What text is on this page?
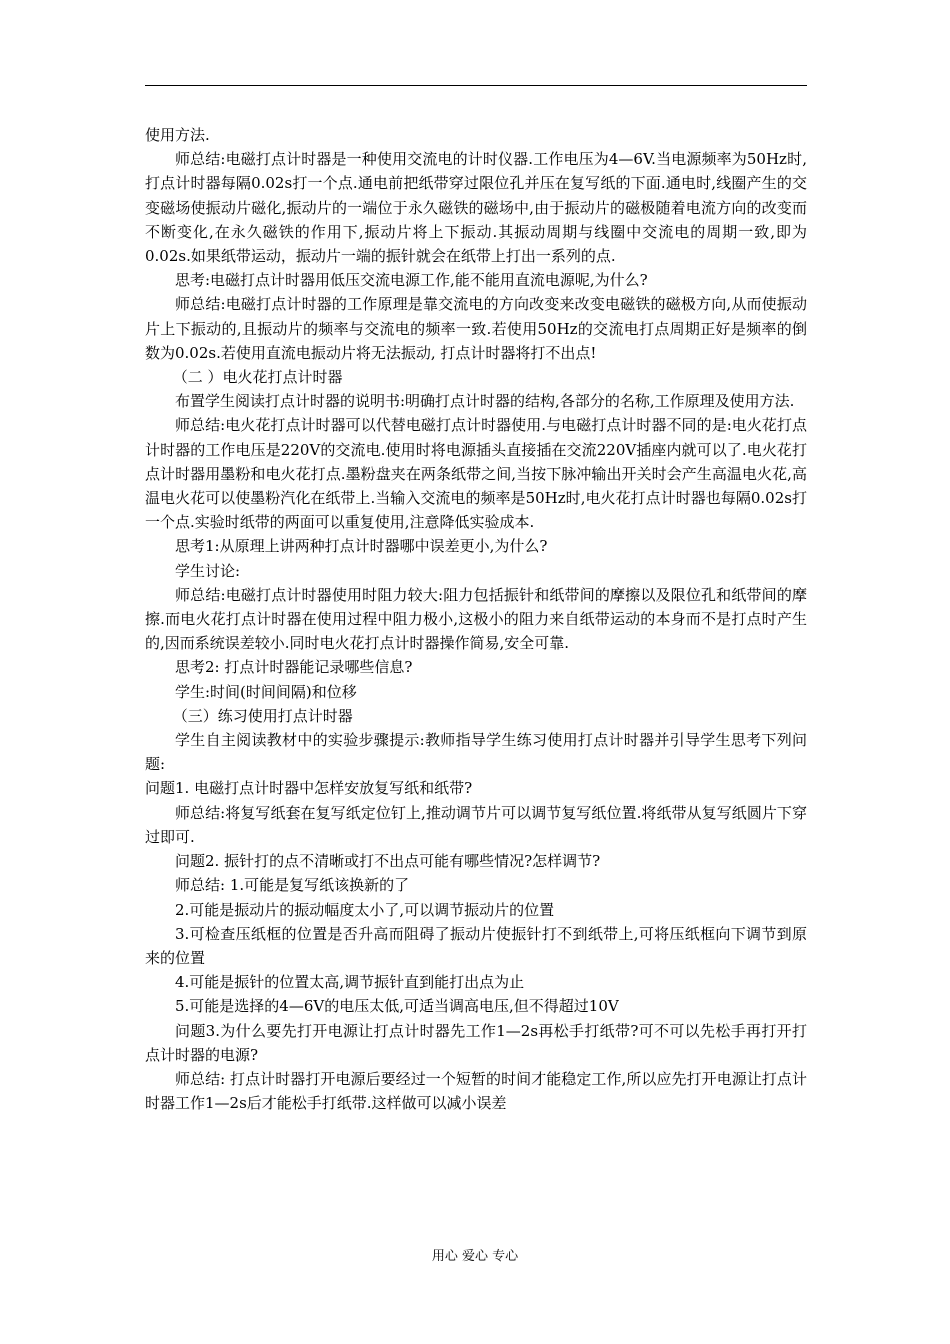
使用方法.

师总结:电磁打点计时器是一种使用交流电的计时仪器.工作电压为4—6V.当电源频率为50Hz时, 打点计时器每隔0.02s打一个点.通电前把纸带穿过限位孔并压在复写纸的下面.通电时,线圈产生的交变磁场使振动片磁化,振动片的一端位于永久磁铁的磁场中,由于振动片的磁极随着电流方向的改变而不断变化,在永久磁铁的作用下,振动片将上下振动.其振动周期与线圈中交流电的周期一致,即为0.02s.如果纸带运动，振动片一端的振针就会在纸带上打出一系列的点.

思考:电磁打点计时器用低压交流电源工作,能不能用直流电源呢,为什么?

师总结:电磁打点计时器的工作原理是靠交流电的方向改变来改变电磁铁的磁极方向,从而使振动片上下振动的,且振动片的频率与交流电的频率一致.若使用50Hz的交流电打点周期正好是频率的倒数为0.02s.若使用直流电振动片将无法振动, 打点计时器将打不出点!

（二 ）电火花打点计时器

布置学生阅读打点计时器的说明书:明确打点计时器的结构,各部分的名称,工作原理及使用方法.

师总结:电火花打点计时器可以代替电磁打点计时器使用.与电磁打点计时器不同的是:电火花打点计时器的工作电压是220V的交流电.使用时将电源插头直接插在交流220V插座内就可以了.电火花打点计时器用墨粉和电火花打点.墨粉盘夹在两条纸带之间,当按下脉冲输出开关时会产生高温电火花,高温电火花可以使墨粉汽化在纸带上.当输入交流电的频率是50Hz时,电火花打点计时器也每隔0.02s打一个点.实验时纸带的两面可以重复使用,注意降低实验成本.

思考1:从原理上讲两种打点计时器哪中误差更小,为什么?

学生讨论:

师总结:电磁打点计时器使用时阻力较大:阻力包括振针和纸带间的摩擦以及限位孔和纸带间的摩擦.而电火花打点计时器在使用过程中阻力极小,这极小的阻力来自纸带运动的本身而不是打点时产生的,因而系统误差较小.同时电火花打点计时器操作简易,安全可靠.

思考2: 打点计时器能记录哪些信息?

学生:时间(时间间隔)和位移

（三）练习使用打点计时器

学生自主阅读教材中的实验步骤提示:教师指导学生练习使用打点计时器并引导学生思考下列问题:

问题1. 电磁打点计时器中怎样安放复写纸和纸带?

师总结:将复写纸套在复写纸定位钉上,推动调节片可以调节复写纸位置.将纸带从复写纸圆片下穿过即可.

问题2. 振针打的点不清晰或打不出点可能有哪些情况?怎样调节?

师总结: 1.可能是复写纸该换新的了

2.可能是振动片的振动幅度太小了,可以调节振动片的位置

3.可检查压纸框的位置是否升高而阻碍了振动片使振针打不到纸带上,可将压纸框向下调节到原来的位置

4.可能是振针的位置太高,调节振针直到能打出点为止

5.可能是选择的4—6V的电压太低,可适当调高电压,但不得超过10V

问题3.为什么要先打开电源让打点计时器先工作1—2s再松手打纸带?可不可以先松手再打开打点计时器的电源?

师总结: 打点计时器打开电源后要经过一个短暂的时间才能稳定工作,所以应先打开电源让打点计时器工作1—2s后才能松手打纸带.这样做可以减小误差

用心 爱心 专心
